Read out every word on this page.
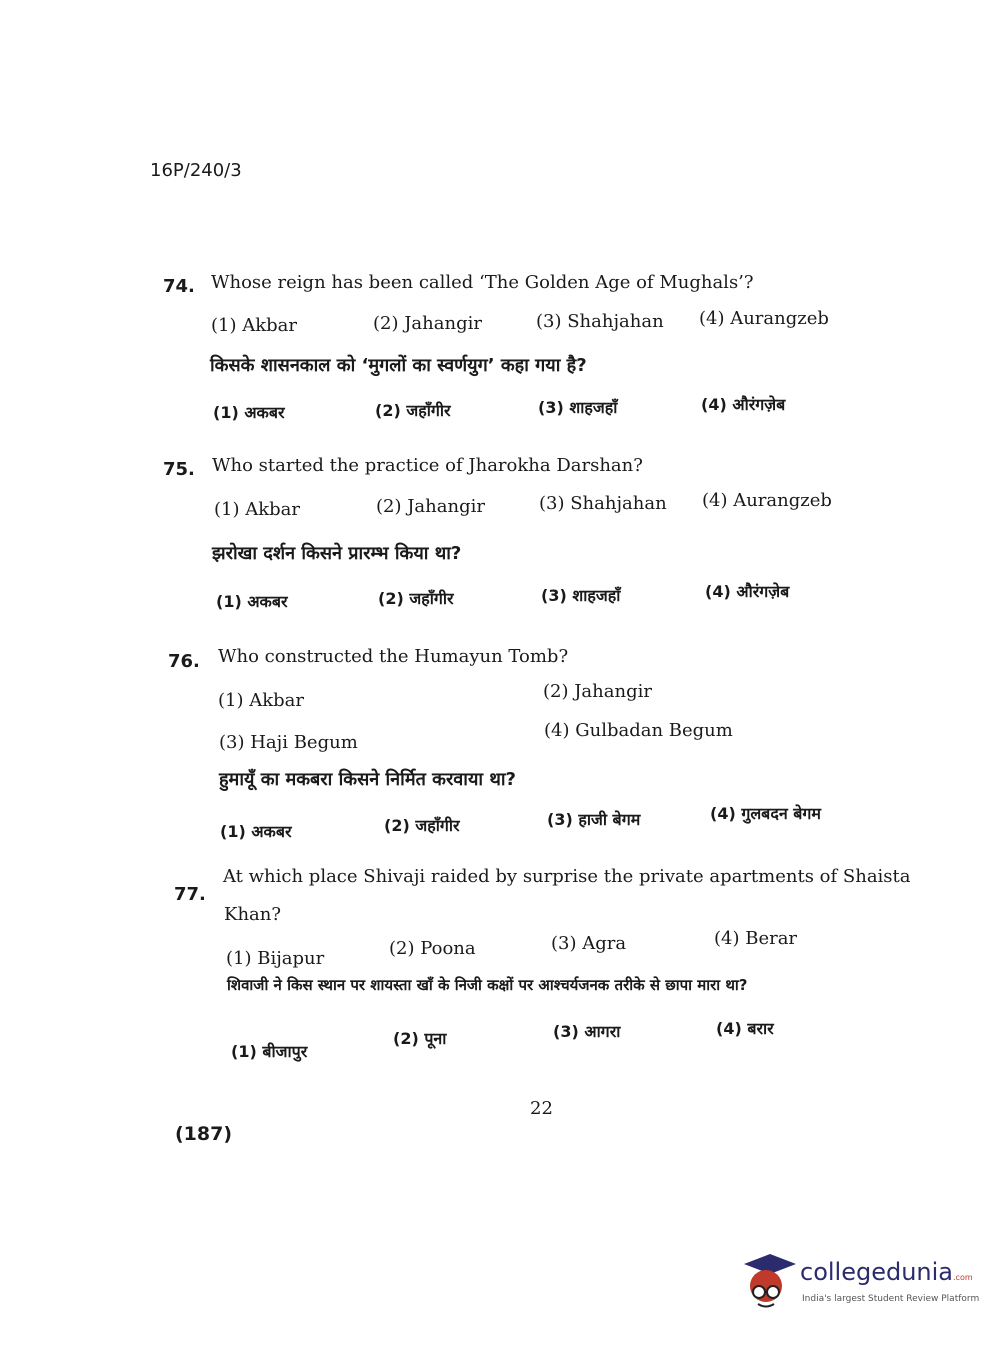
16P/240/3
74. Whose reign has been called ‘The Golden Age of Mughals’?
(1) Akbar	(2) Jahangir	(3) Shahjahan (4) Aurangzeb
किसके शासनकाल को ‘मुगलों का स्वर्णयुग’ कहा गया है?
(1) अकबर	(2) जहाँगीर	(3) शाहजहाँ	(4) औरंगज़ेब
75. Who started the practice of Jharokha Darshan?
(1) Akbar	(2) Jahangir	(3) Shahjahan (4) Aurangzeb
झरोखा दर्शन किसने प्रारम्भ किया था?
(1) अकबर	(2) जहाँगीर	(3) शाहजहाँ	(4) औरंगज़ेब
76. Who constructed the Humayun Tomb?
(1) Akbar	(2) Jahangir
(3) Haji Begum
(4) Gulbadan Begum
हुमायूँ का मकबरा किसने निर्मित करवाया था?
(1) अकबर	(2) जहाँगीर	(3) हाजी बेगम	(4) गुलबदन बेगम
77.
At which place Shivaji raided by surprise the private apartments of Shaista
Khan?
(1) Bijapur	(2) Poona	(3) Agra	(4) Berar
शिवाजी ने किस स्थान पर शायस्ता खाँ के निजी कक्षों पर आश्चर्यजनक तरीके से छापा मारा था?
(1) बीजापुर
(2) पूना	(3) आगरा	(4) बरार
22
(187)
collegedunia.com
India's largest Student Review Platform
